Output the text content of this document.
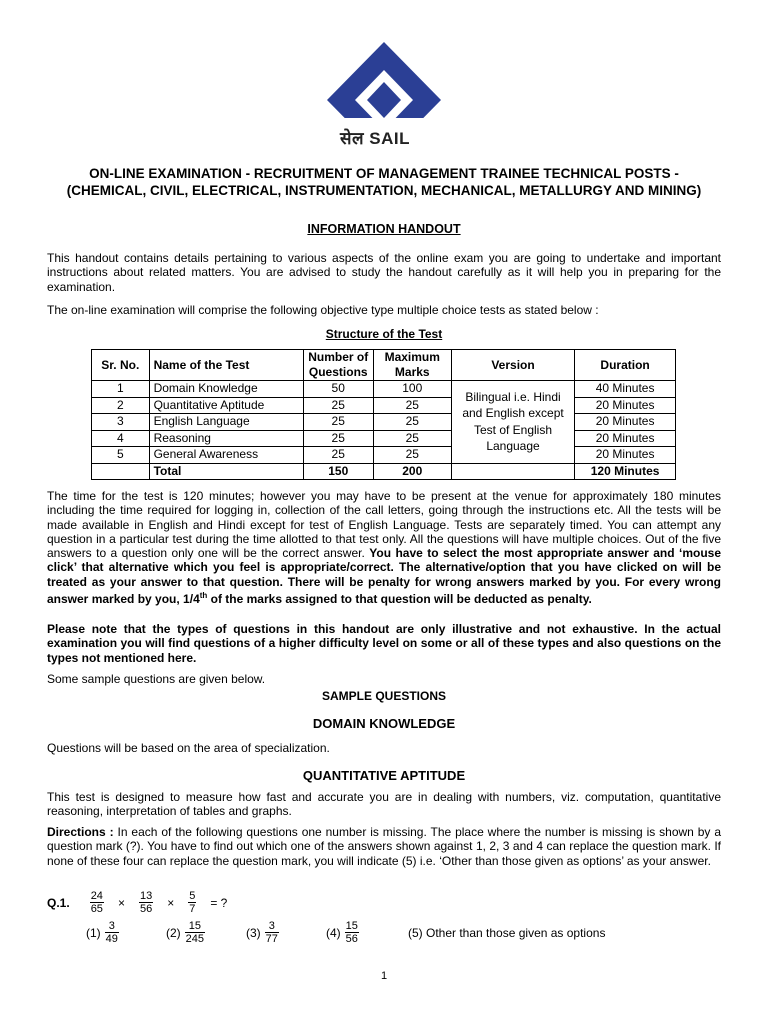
सेल SAIL
ON-LINE EXAMINATION - RECRUITMENT OF MANAGEMENT TRAINEE TECHNICAL POSTS - (CHEMICAL, CIVIL, ELECTRICAL, INSTRUMENTATION, MECHANICAL, METALLURGY AND MINING)
INFORMATION HANDOUT
This handout contains details pertaining to various aspects of the online exam you are going to undertake and important instructions about related matters. You are advised to study the handout carefully as it will help you in preparing for the examination.
The on-line examination will comprise the following objective type multiple choice tests as stated below :
Structure of the Test
Sr. No.	Name of the Test	Number of Questions	Maximum Marks	Version	Duration
1	Domain Knowledge	50	100	Bilingual i.e. Hindi and English except Test of English Language	40 Minutes
2	Quantitative Aptitude	25	25		20 Minutes
3	English Language	25	25		20 Minutes
4	Reasoning	25	25		20 Minutes
5	General Awareness	25	25		20 Minutes
	Total	150	200		120 Minutes
The time for the test is 120 minutes; however you may have to be present at the venue for approximately 180 minutes including the time required for logging in, collection of the call letters, going through the instructions etc. All the tests will be made available in English and Hindi except for test of English Language. Tests are separately timed. You can attempt any question in a particular test during the time allotted to that test only. All the questions will have multiple choices. Out of the five answers to a question only one will be the correct answer. You have to select the most appropriate answer and ‘mouse click’ that alternative which you feel is appropriate/correct. The alternative/option that you have clicked on will be treated as your answer to that question. There will be penalty for wrong answers marked by you. For every wrong answer marked by you, 1/4th of the marks assigned to that question will be deducted as penalty.
Please note that the types of questions in this handout are only illustrative and not exhaustive. In the actual examination you will find questions of a higher difficulty level on some or all of these types and also questions on the types not mentioned here.
Some sample questions are given below.
SAMPLE QUESTIONS
DOMAIN KNOWLEDGE
Questions will be based on the area of specialization.
QUANTITATIVE APTITUDE
This test is designed to measure how fast and accurate you are in dealing with numbers, viz. computation, quantitative reasoning, interpretation of tables and graphs.
Directions : In each of the following questions one number is missing. The place where the number is missing is shown by a question mark (?). You have to find out which one of the answers shown against 1, 2, 3 and 4 can replace the question mark. If none of these four can replace the question mark, you will indicate (5) i.e. ‘Other than those given as options’ as your answer.
Q.1. $\frac{24}{65} \times \frac{13}{56} \times \frac{5}{7}$ = ?
$(1) \frac{3}{49}$	$(2) \frac{15}{245}$	$(3) \frac{3}{77}$	$(4) \frac{15}{56}$	(5) Other than those given as options
1
